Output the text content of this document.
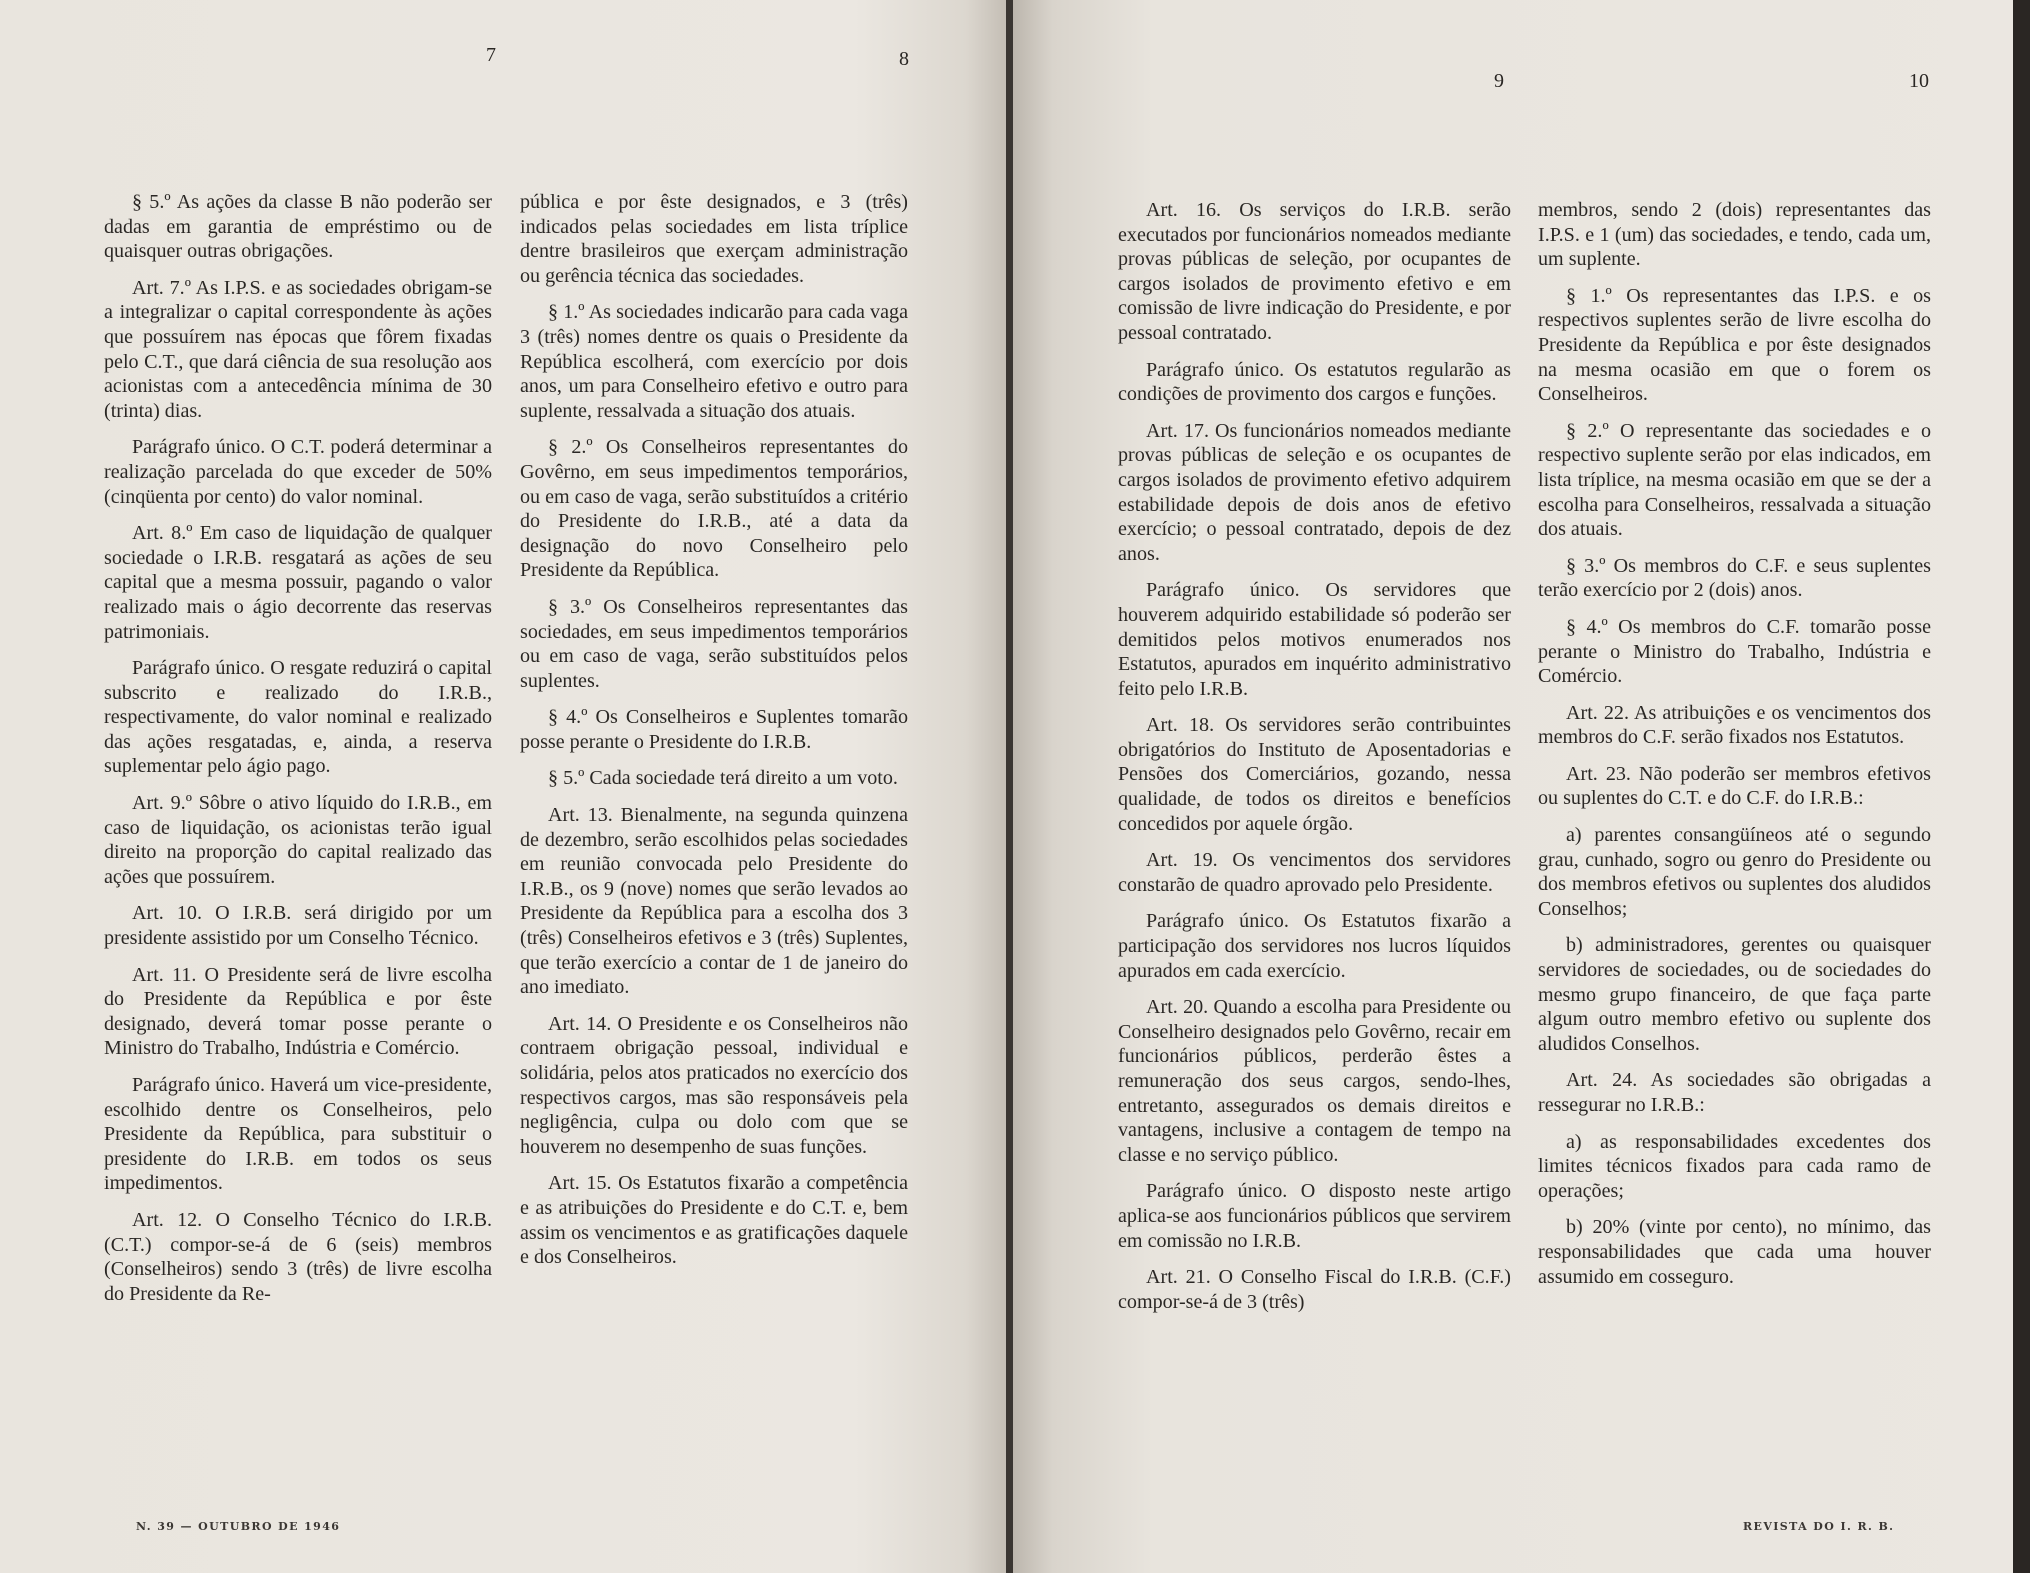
7	8

§ 5.º As ações da classe B não poderão ser dadas em garantia de empréstimo ou de quaisquer outras obrigações.

Art. 7.º As I.P.S. e as sociedades obrigam-se a integralizar o capital correspondente às ações que possuírem nas épocas que fôrem fixadas pelo C.T., que dará ciência de sua resolução aos acionistas com a antecedência mínima de 30 (trinta) dias.

Parágrafo único. O C.T. poderá determinar a realização parcelada do que exceder de 50% (cinqüenta por cento) do valor nominal.

Art. 8.º Em caso de liquidação de qualquer sociedade o I.R.B. resgatará as ações de seu capital que a mesma possuir, pagando o valor realizado mais o ágio decorrente das reservas patrimoniais.

Parágrafo único. O resgate reduzirá o capital subscrito e realizado do I.R.B., respectivamente, do valor nominal e realizado das ações resgatadas, e, ainda, a reserva suplementar pelo ágio pago.

Art. 9.º Sôbre o ativo líquido do I.R.B., em caso de liquidação, os acionistas terão igual direito na proporção do capital realizado das ações que possuírem.

Art. 10. O I.R.B. será dirigido por um presidente assistido por um Conselho Técnico.

Art. 11. O Presidente será de livre escolha do Presidente da República e por êste designado, deverá tomar posse perante o Ministro do Trabalho, Indústria e Comércio.

Parágrafo único. Haverá um vice-presidente, escolhido dentre os Conselheiros, pelo Presidente da República, para substituir o presidente do I.R.B. em todos os seus impedimentos.

Art. 12. O Conselho Técnico do I.R.B. (C.T.) compor-se-á de 6 (seis) membros (Conselheiros) sendo 3 (três) de livre escolha do Presidente da Re-

pública e por êste designados, e 3 (três) indicados pelas sociedades em lista tríplice dentre brasileiros que exerçam administração ou gerência técnica das sociedades.

§ 1.º As sociedades indicarão para cada vaga 3 (três) nomes dentre os quais o Presidente da República escolherá, com exercício por dois anos, um para Conselheiro efetivo e outro para suplente, ressalvada a situação dos atuais.

§ 2.º Os Conselheiros representantes do Govêrno, em seus impedimentos temporários, ou em caso de vaga, serão substituídos a critério do Presidente do I.R.B., até a data da designação do novo Conselheiro pelo Presidente da República.

§ 3.º Os Conselheiros representantes das sociedades, em seus impedimentos temporários ou em caso de vaga, serão substituídos pelos suplentes.

§ 4.º Os Conselheiros e Suplentes tomarão posse perante o Presidente do I.R.B.

§ 5.º Cada sociedade terá direito a um voto.

Art. 13. Bienalmente, na segunda quinzena de dezembro, serão escolhidos pelas sociedades em reunião convocada pelo Presidente do I.R.B., os 9 (nove) nomes que serão levados ao Presidente da República para a escolha dos 3 (três) Conselheiros efetivos e 3 (três) Suplentes, que terão exercício a contar de 1 de janeiro do ano imediato.

Art. 14. O Presidente e os Conselheiros não contraem obrigação pessoal, individual e solidária, pelos atos praticados no exercício dos respectivos cargos, mas são responsáveis pela negligência, culpa ou dolo com que se houverem no desempenho de suas funções.

Art. 15. Os Estatutos fixarão a competência e as atribuições do Presidente e do C.T. e, bem assim os vencimentos e as gratificações daquele e dos Conselheiros.

N. 39 — OUTUBRO DE 1946
9	10

Art. 16. Os serviços do I.R.B. serão executados por funcionários nomeados mediante provas públicas de seleção, por ocupantes de cargos isolados de provimento efetivo e em comissão de livre indicação do Presidente, e por pessoal contratado.

Parágrafo único. Os estatutos regularão as condições de provimento dos cargos e funções.

Art. 17. Os funcionários nomeados mediante provas públicas de seleção e os ocupantes de cargos isolados de provimento efetivo adquirem estabilidade depois de dois anos de efetivo exercício; o pessoal contratado, depois de dez anos.

Parágrafo único. Os servidores que houverem adquirido estabilidade só poderão ser demitidos pelos motivos enumerados nos Estatutos, apurados em inquérito administrativo feito pelo I.R.B.

Art. 18. Os servidores serão contribuintes obrigatórios do Instituto de Aposentadorias e Pensões dos Comerciários, gozando, nessa qualidade, de todos os direitos e benefícios concedidos por aquele órgão.

Art. 19. Os vencimentos dos servidores constarão de quadro aprovado pelo Presidente.

Parágrafo único. Os Estatutos fixarão a participação dos servidores nos lucros líquidos apurados em cada exercício.

Art. 20. Quando a escolha para Presidente ou Conselheiro designados pelo Govêrno, recair em funcionários públicos, perderão êstes a remuneração dos seus cargos, sendo-lhes, entretanto, assegurados os demais direitos e vantagens, inclusive a contagem de tempo na classe e no serviço público.

Parágrafo único. O disposto neste artigo aplica-se aos funcionários públicos que servirem em comissão no I.R.B.

Art. 21. O Conselho Fiscal do I.R.B. (C.F.) compor-se-á de 3 (três)

membros, sendo 2 (dois) representantes das I.P.S. e 1 (um) das sociedades, e tendo, cada um, um suplente.

§ 1.º Os representantes das I.P.S. e os respectivos suplentes serão de livre escolha do Presidente da República e por êste designados na mesma ocasião em que o forem os Conselheiros.

§ 2.º O representante das sociedades e o respectivo suplente serão por elas indicados, em lista tríplice, na mesma ocasião em que se der a escolha para Conselheiros, ressalvada a situação dos atuais.

§ 3.º Os membros do C.F. e seus suplentes terão exercício por 2 (dois) anos.

§ 4.º Os membros do C.F. tomarão posse perante o Ministro do Trabalho, Indústria e Comércio.

Art. 22. As atribuições e os vencimentos dos membros do C.F. serão fixados nos Estatutos.

Art. 23. Não poderão ser membros efetivos ou suplentes do C.T. e do C.F. do I.R.B.:

a) parentes consangüíneos até o segundo grau, cunhado, sogro ou genro do Presidente ou dos membros efetivos ou suplentes dos aludidos Conselhos;

b) administradores, gerentes ou quaisquer servidores de sociedades, ou de sociedades do mesmo grupo financeiro, de que faça parte algum outro membro efetivo ou suplente dos aludidos Conselhos.

Art. 24. As sociedades são obrigadas a ressegurar no I.R.B.:

a) as responsabilidades excedentes dos limites técnicos fixados para cada ramo de operações;

b) 20% (vinte por cento), no mínimo, das responsabilidades que cada uma houver assumido em cosseguro.

REVISTA DO I. R. B.
